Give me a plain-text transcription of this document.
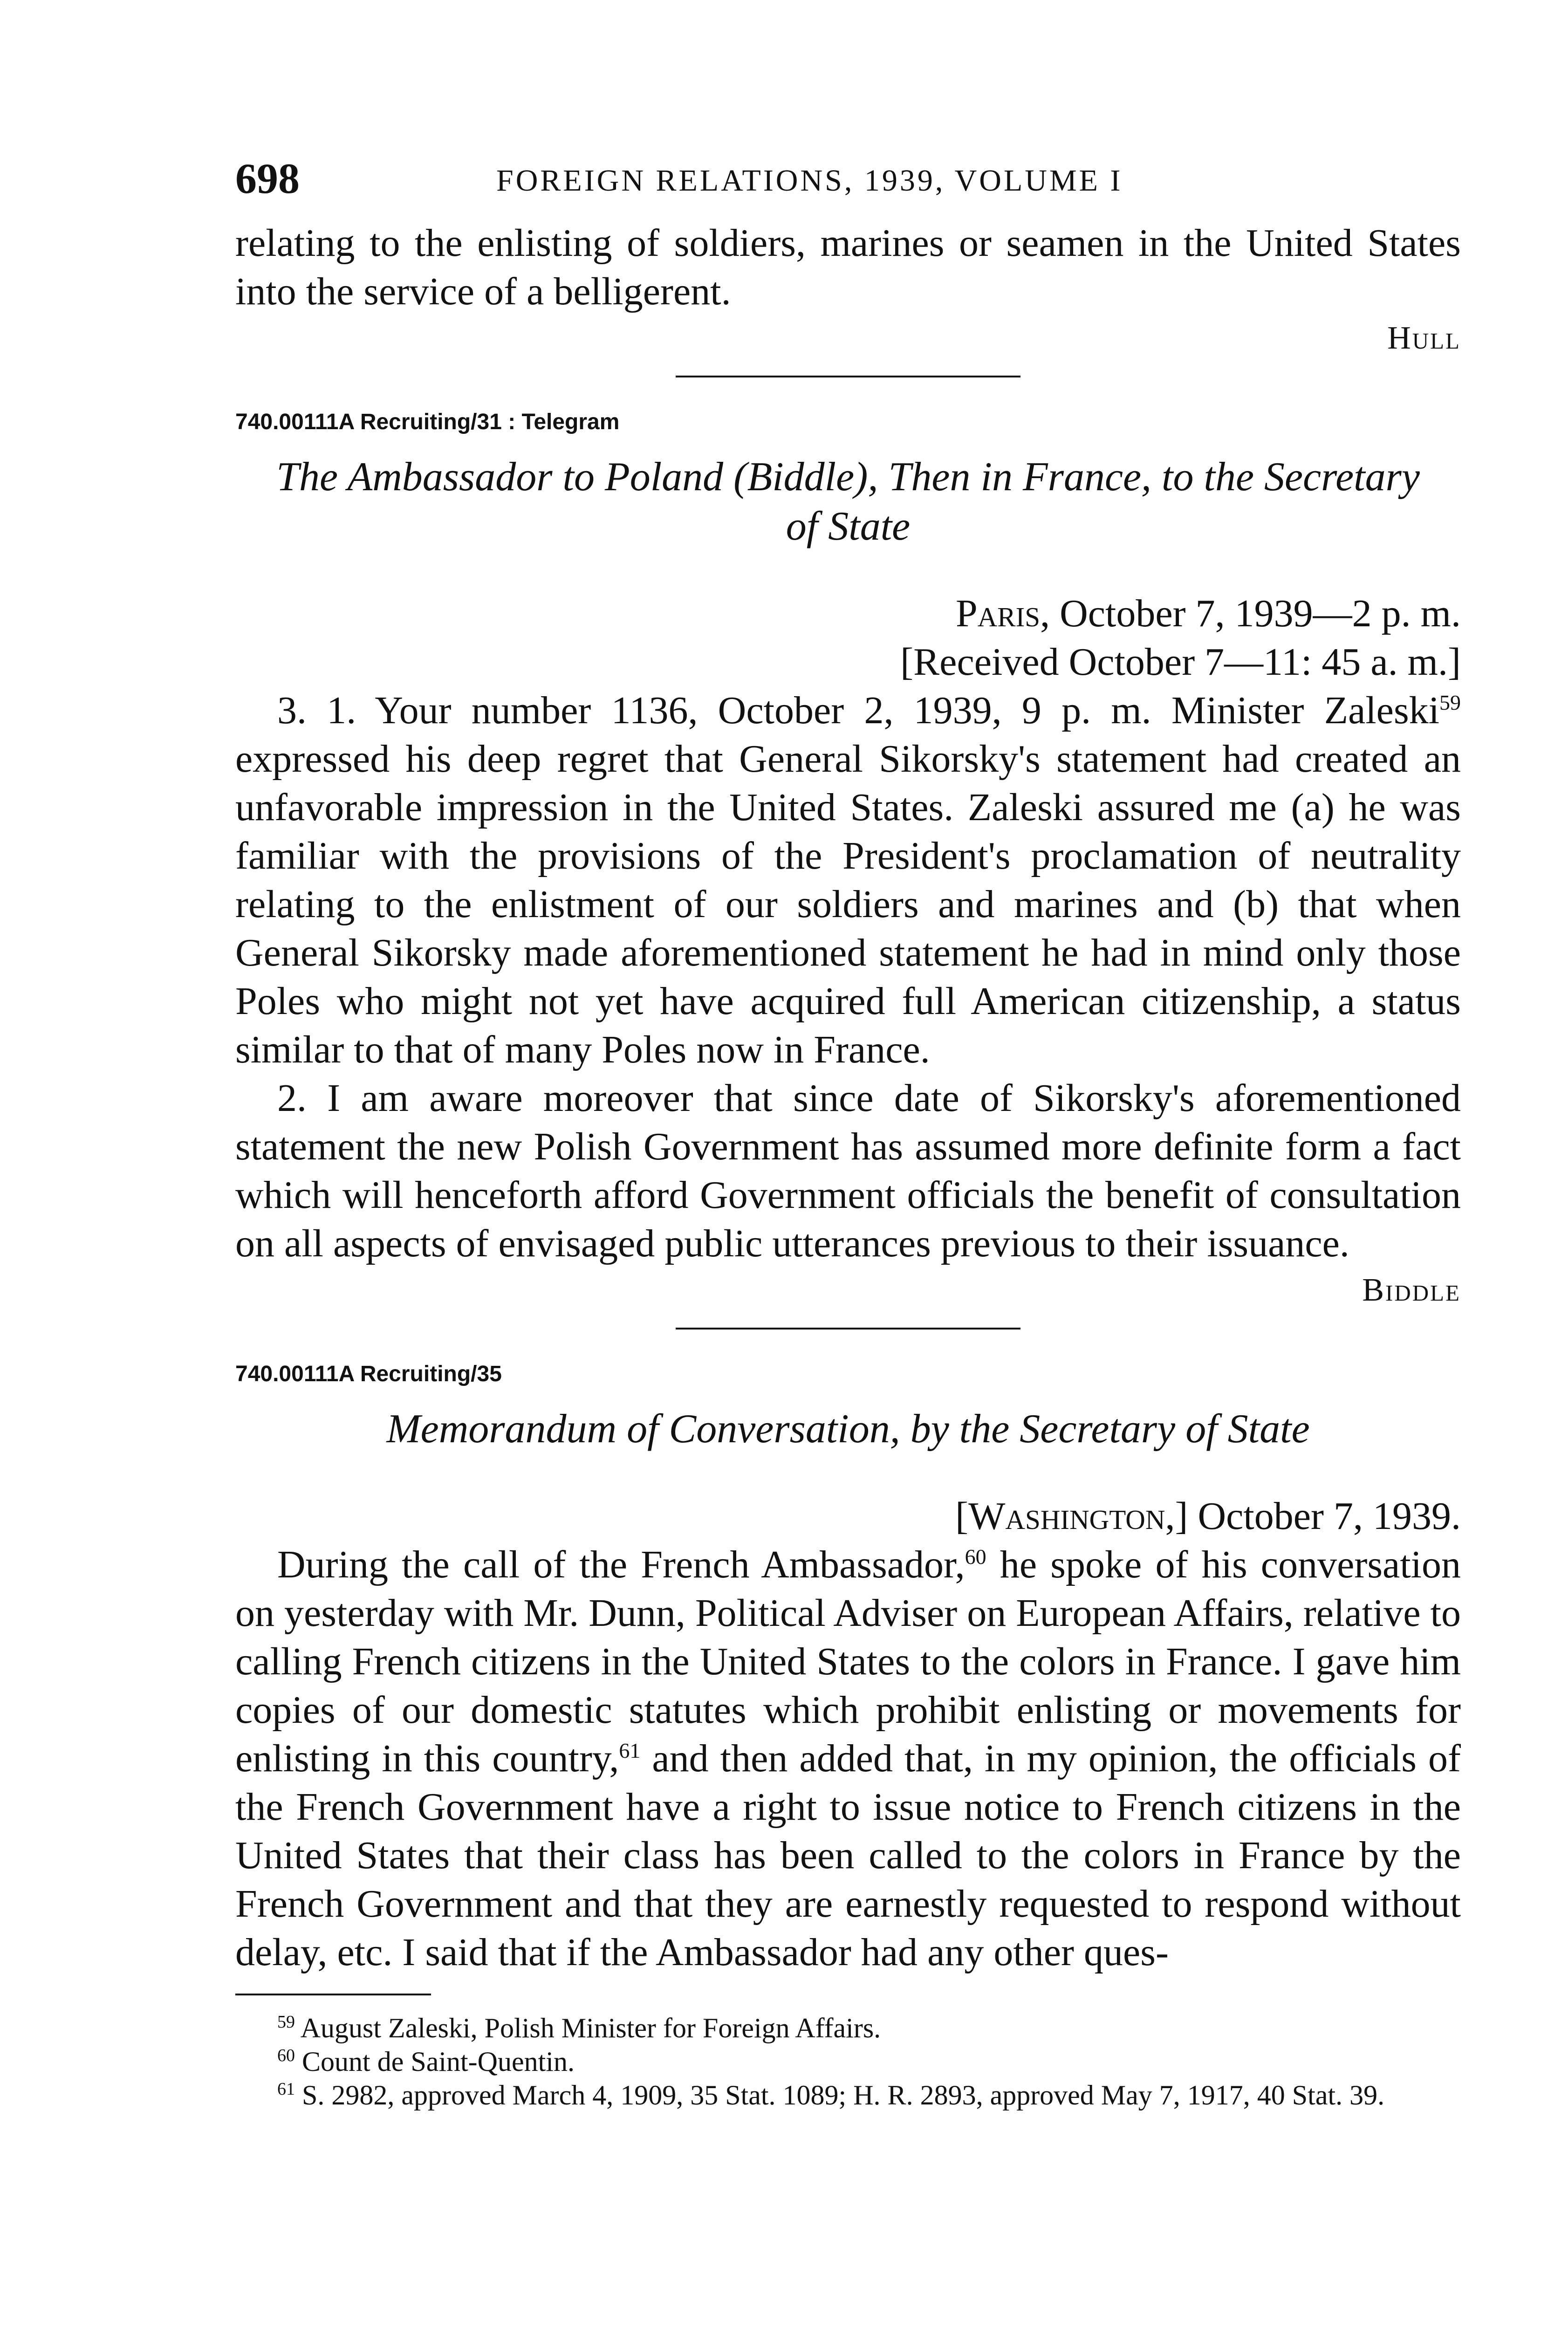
698	FOREIGN RELATIONS, 1939, VOLUME I

relating to the enlisting of soldiers, marines or seamen in the United States into the service of a belligerent.

Hull

740.00111A Recruiting/31 : Telegram
The Ambassador to Poland (Biddle), Then in France, to the Secretary
of State
Paris, October 7, 1939—2 p. m.
[Received October 7—11: 45 a. m.]

3. 1. Your number 1136, October 2, 1939, 9 p. m. Minister Zaleski$^{59}$ expressed his deep regret that General Sikorsky's statement had created an unfavorable impression in the United States. Zaleski assured me (a) he was familiar with the provisions of the President's proclamation of neutrality relating to the enlistment of our soldiers and marines and (b) that when General Sikorsky made aforementioned statement he had in mind only those Poles who might not yet have acquired full American citizenship, a status similar to that of many Poles now in France.

2. I am aware moreover that since date of Sikorsky's aforementioned statement the new Polish Government has assumed more definite form a fact which will henceforth afford Government officials the benefit of consultation on all aspects of envisaged public utterances previous to their issuance.

Biddle

740.00111A Recruiting/35
Memorandum of Conversation, by the Secretary of State
[Washington,] October 7, 1939.

During the call of the French Ambassador,$^{60}$ he spoke of his conversation on yesterday with Mr. Dunn, Political Adviser on European Affairs, relative to calling French citizens in the United States to the colors in France. I gave him copies of our domestic statutes which prohibit enlisting or movements for enlisting in this country,$^{61}$ and then added that, in my opinion, the officials of the French Government have a right to issue notice to French citizens in the United States that their class has been called to the colors in France by the French Government and that they are earnestly requested to respond without delay, etc. I said that if the Ambassador had any other ques-

$^{59}$ August Zaleski, Polish Minister for Foreign Affairs.
$^{60}$ Count de Saint-Quentin.
$^{61}$ S. 2982, approved March 4, 1909, 35 Stat. 1089; H. R. 2893, approved May 7, 1917, 40 Stat. 39.
